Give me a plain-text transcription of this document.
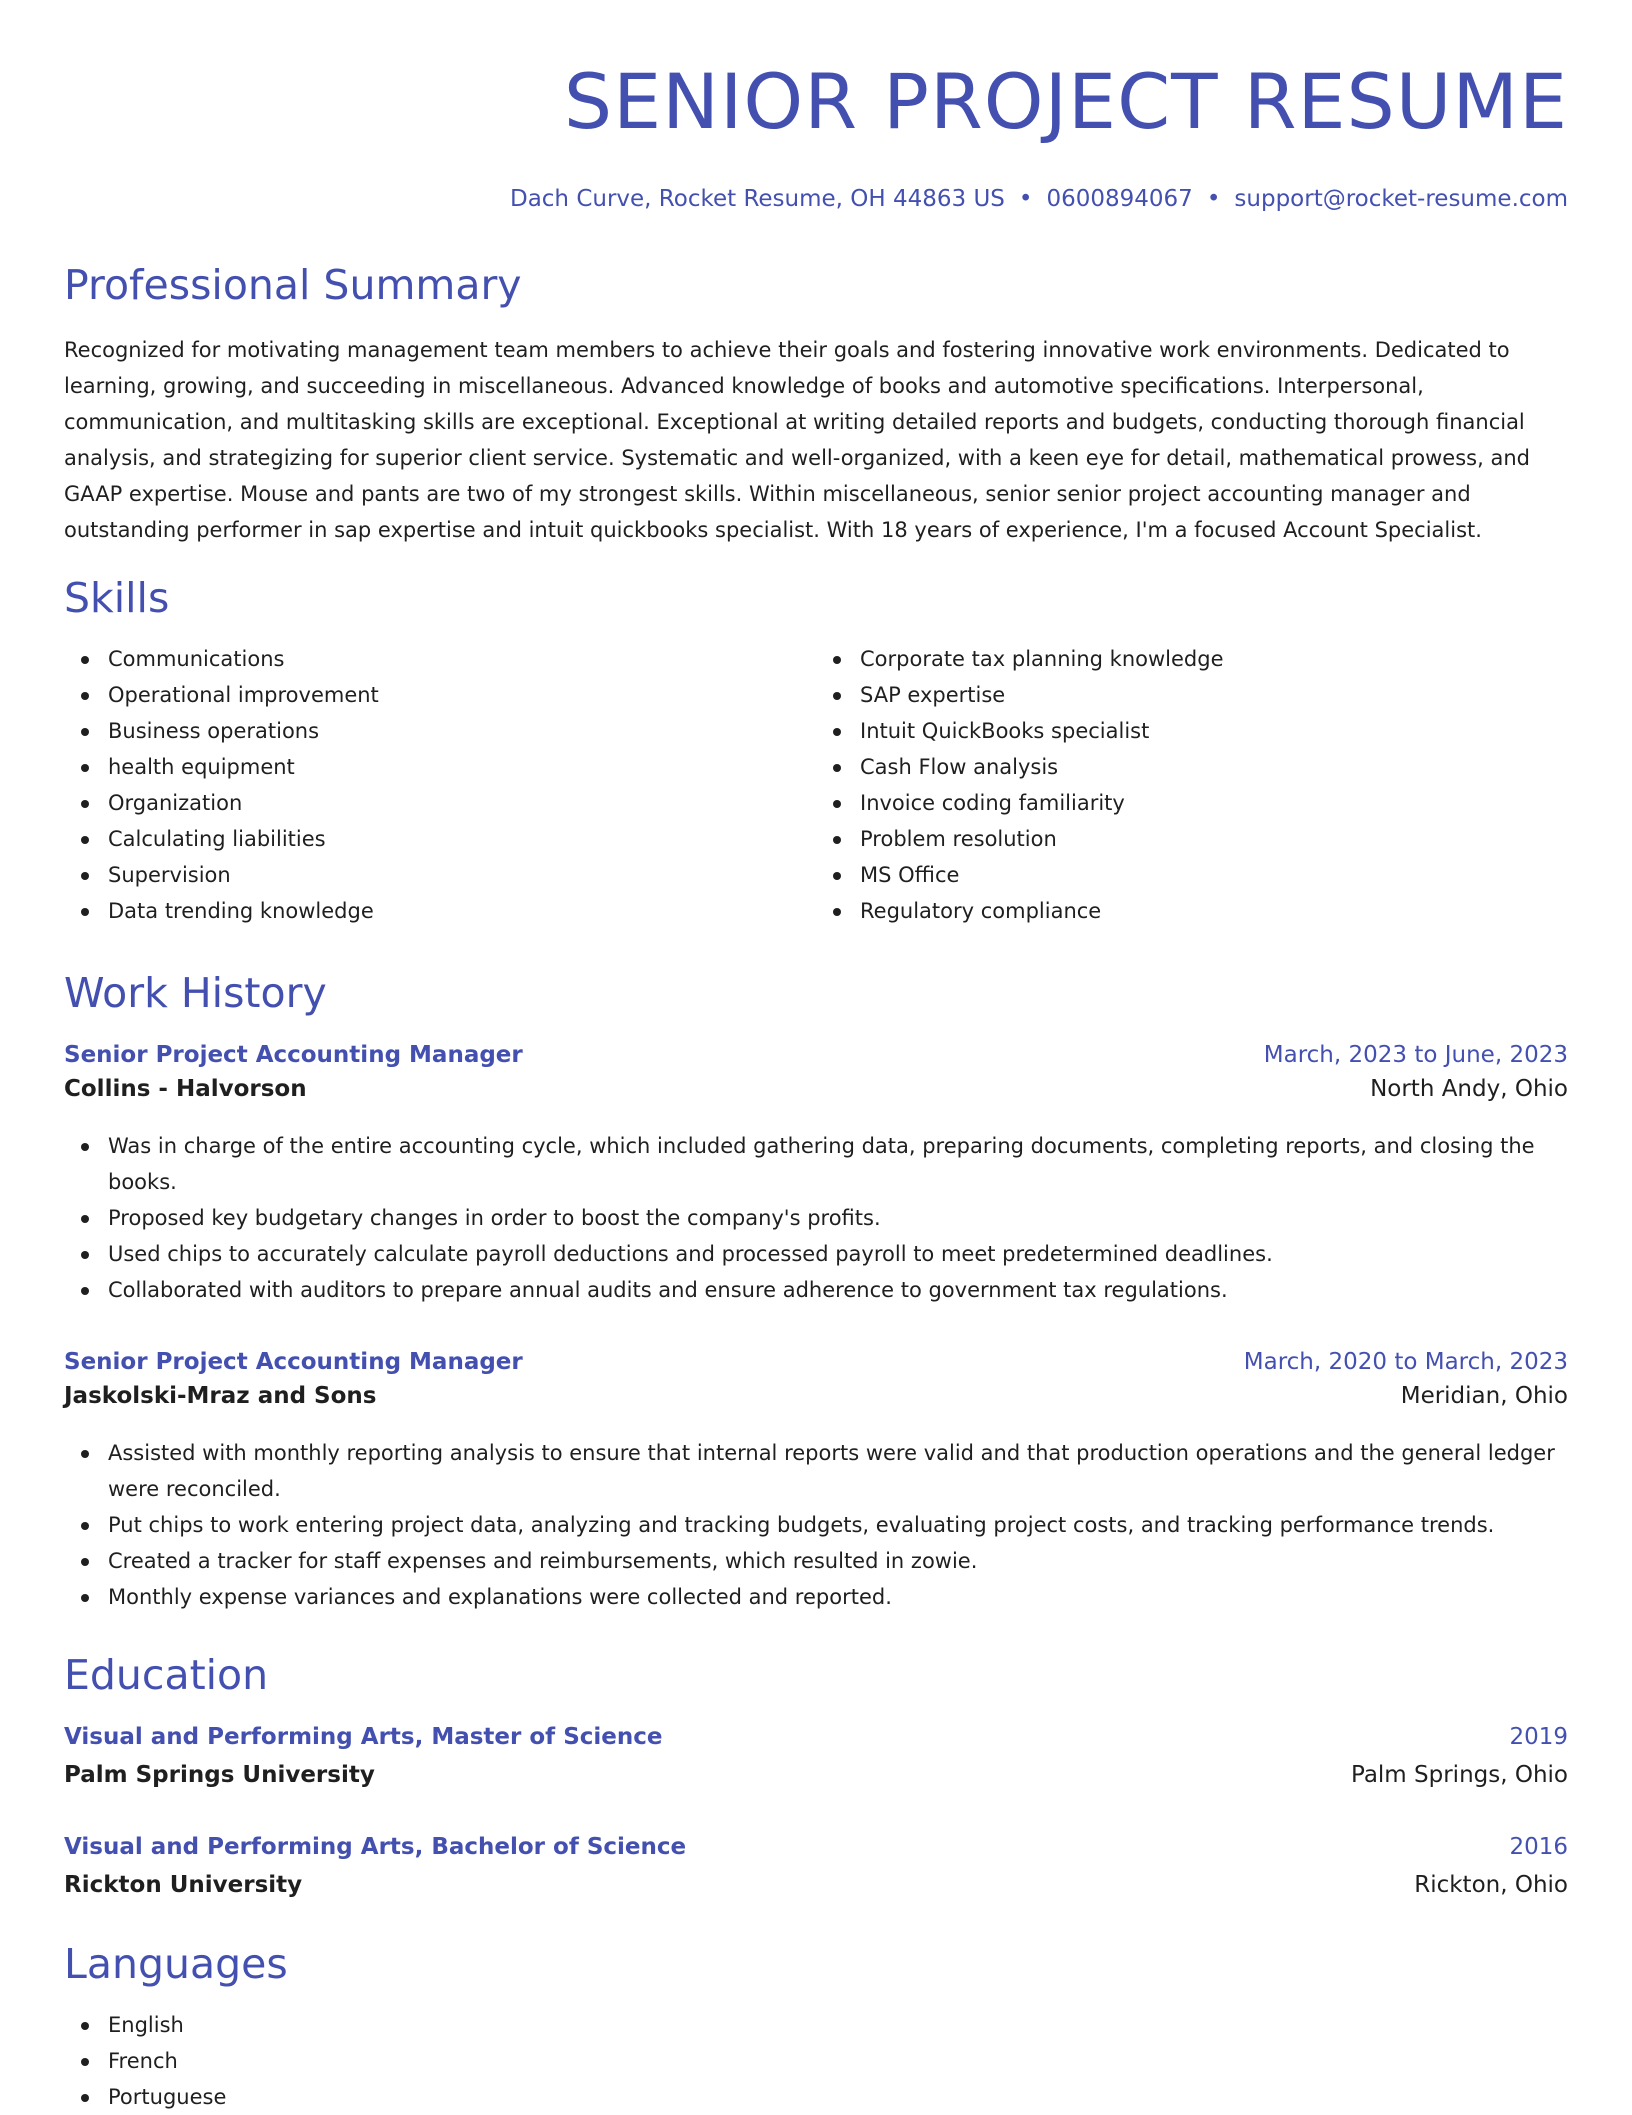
SENIOR PROJECT RESUME
Dach Curve, Rocket Resume, OH 44863 US • 0600894067 • support@rocket-resume.com
Professional Summary

Recognized for motivating management team members to achieve their goals and fostering innovative work environments. Dedicated to learning, growing, and succeeding in miscellaneous. Advanced knowledge of books and automotive specifications. Interpersonal, communication, and multitasking skills are exceptional. Exceptional at writing detailed reports and budgets, conducting thorough financial analysis, and strategizing for superior client service. Systematic and well-organized, with a keen eye for detail, mathematical prowess, and GAAP expertise. Mouse and pants are two of my strongest skills. Within miscellaneous, senior senior project accounting manager and outstanding performer in sap expertise and intuit quickbooks specialist. With 18 years of experience, I'm a focused Account Specialist.

Skills
Communications
Operational improvement
Business operations
health equipment
Organization
Calculating liabilities
Supervision
Data trending knowledge
Corporate tax planning knowledge
SAP expertise
Intuit QuickBooks specialist
Cash Flow analysis
Invoice coding familiarity
Problem resolution
MS Office
Regulatory compliance
Work History
Senior Project Accounting Manager	March, 2023 to June, 2023
Collins - Halvorson	North Andy, Ohio
Was in charge of the entire accounting cycle, which included gathering data, preparing documents, completing reports, and closing the books.
Proposed key budgetary changes in order to boost the company's profits.
Used chips to accurately calculate payroll deductions and processed payroll to meet predetermined deadlines.
Collaborated with auditors to prepare annual audits and ensure adherence to government tax regulations.
Senior Project Accounting Manager	March, 2020 to March, 2023
Jaskolski-Mraz and Sons	Meridian, Ohio
Assisted with monthly reporting analysis to ensure that internal reports were valid and that production operations and the general ledger were reconciled.
Put chips to work entering project data, analyzing and tracking budgets, evaluating project costs, and tracking performance trends.
Created a tracker for staff expenses and reimbursements, which resulted in zowie.
Monthly expense variances and explanations were collected and reported.
Education
Visual and Performing Arts, Master of Science	2019
Palm Springs University	Palm Springs, Ohio
Visual and Performing Arts, Bachelor of Science	2016
Rickton University	Rickton, Ohio
Languages
English
French
Portuguese
